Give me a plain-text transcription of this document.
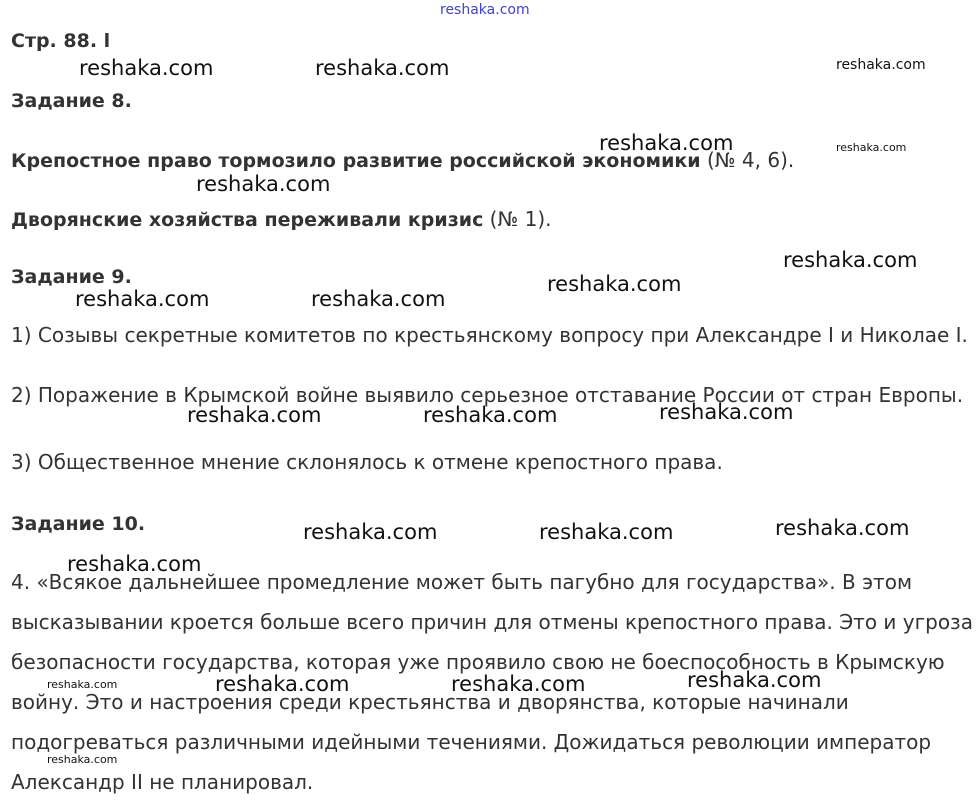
reshaka.com
Стр. 88. l
Задание 8.
Крепостное право тормозило развитие российской экономики (№ 4, 6).
Дворянские хозяйства переживали кризис (№ 1).
Задание 9.
1) Созывы секретные комитетов по крестьянскому вопросу при Александре I и Николае I.
2) Поражение в Крымской войне выявило серьезное отставание России от стран Европы.
3) Общественное мнение склонялось к отмене крепостного права.
Задание 10.
4. «Всякое дальнейшее промедление может быть пагубно для государства». В этом
высказывании кроется больше всего причин для отмены крепостного права. Это и угроза
безопасности государства, которая уже проявило свою не боеспособность в Крымскую
войну. Это и настроения среди крестьянства и дворянства, которые начинали
подогреваться различными идейными течениями. Дожидаться революции император
Александр II не планировал.
reshaka.com	reshaka.com	reshaka.com
reshaka.com	reshaka.com
reshaka.com
reshaka.com
reshaka.com
reshaka.com	reshaka.com
reshaka.com
reshaka.com	reshaka.com
reshaka.com
reshaka.com	reshaka.com
reshaka.com
reshaka.com
reshaka.com	reshaka.com	reshaka.com
reshaka.com
